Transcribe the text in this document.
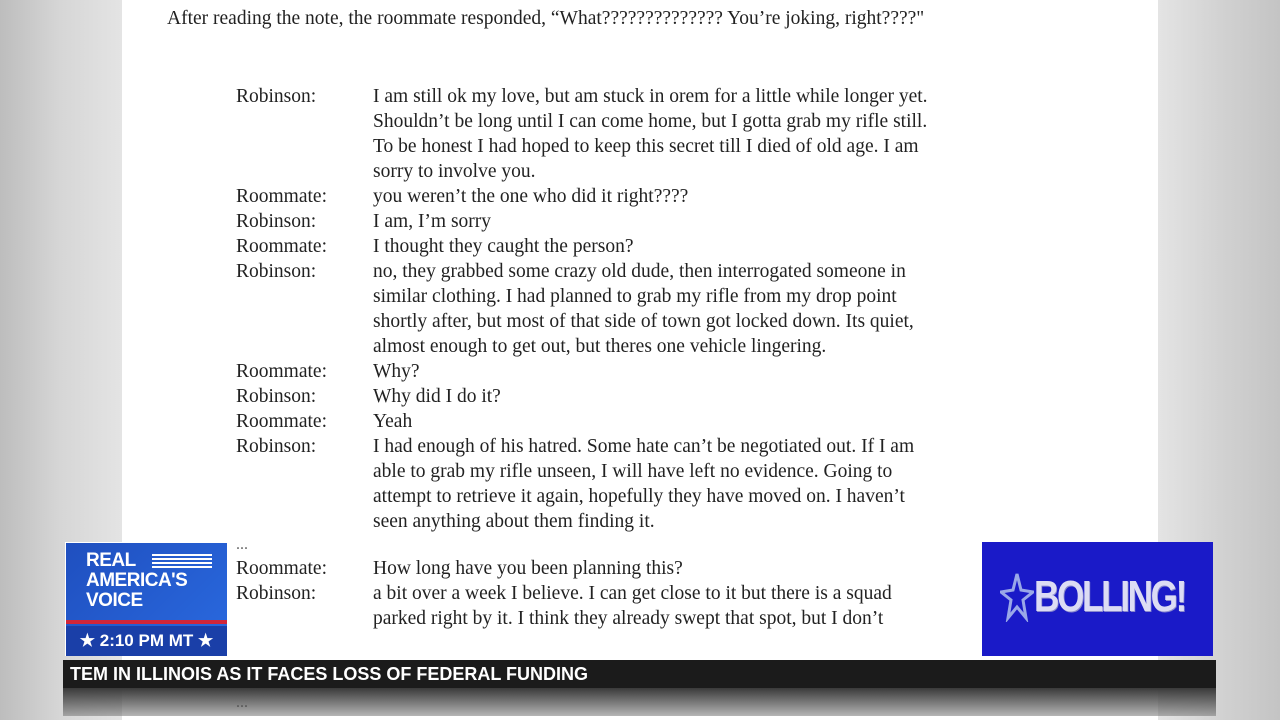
After reading the note, the roommate responded, “What?????????????? You’re joking, right????"
Robinson:	I am still ok my love, but am stuck in orem for a little while longer yet. Shouldn’t be long until I can come home, but I gotta grab my rifle still. To be honest I had hoped to keep this secret till I died of old age. I am sorry to involve you.
Roommate:	you weren’t the one who did it right????
Robinson:	I am, I’m sorry
Roommate:	I thought they caught the person?
Robinson:	no, they grabbed some crazy old dude, then interrogated someone in similar clothing. I had planned to grab my rifle from my drop point shortly after, but most of that side of town got locked down. Its quiet, almost enough to get out, but theres one vehicle lingering.
Roommate:	Why?
Robinson:	Why did I do it?
Roommate:	Yeah
Robinson:	I had enough of his hatred. Some hate can’t be negotiated out. If I am able to grab my rifle unseen, I will have left no evidence. Going to attempt to retrieve it again, hopefully they have moved on. I haven’t seen anything about them finding it.
...
Roommate:	How long have you been planning this?
Robinson:	a bit over a week I believe. I can get close to it but there is a squad parked right by it. I think they already swept that spot, but I don’t
REAL
AMERICA'S
VOICE
★ 2:10 PM MT ★
BOLLING!
TEM IN ILLINOIS AS IT FACES LOSS OF FEDERAL FUNDING
...
